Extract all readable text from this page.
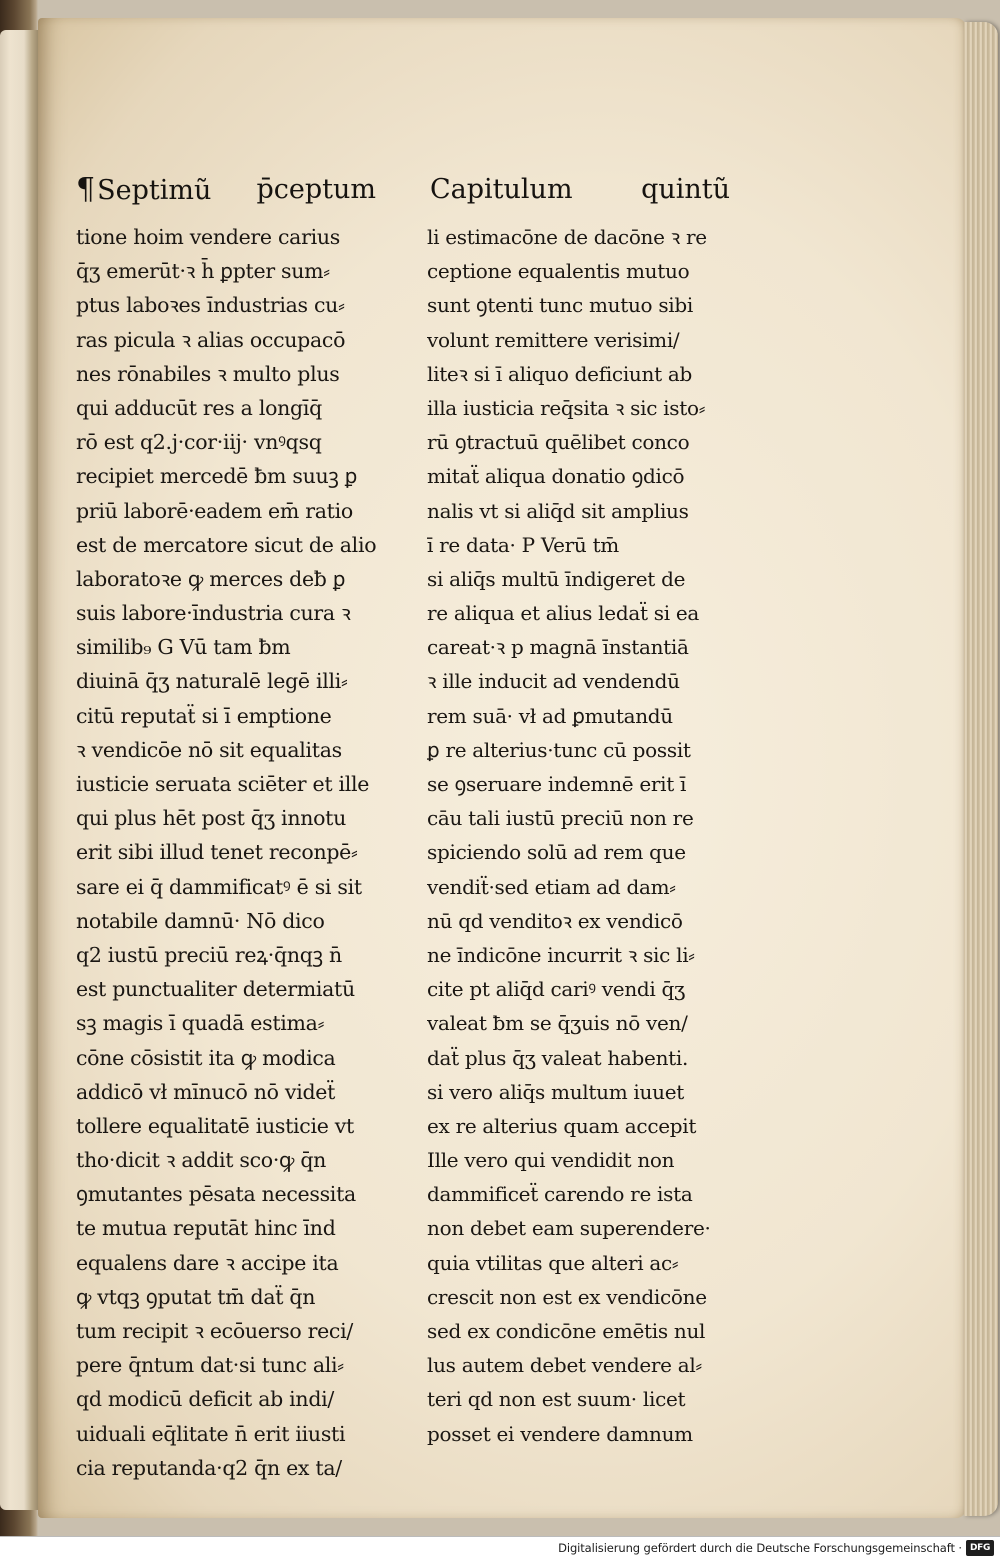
¶Septimũ p̄ceptum Capitulum	quintũ
tione hoim vendere carius
q̄ʒ emerūt·ꝛ h̄ ꝑpter sum⸗
ptus laboꝛes īndustrias cu⸗
ras picula ꝛ alias occupacō
nes rōnabiles ꝛ multo plus
qui adducūt res a longīq̄
rō est q2.j·cor·iij· vnꝰqsq
recipiet mercedē ƀm suuꝫ ꝑ
priū laborē·eadem em̄ ratio
est de mercatore sicut de alio
laboratoꝛe ꝙ merces deƀ ꝑ
suis labore·īndustria cura ꝛ
similib₉ G Vū tam ƀm
diuinā q̄ʒ naturalē legē illi⸗
citū reputaẗ si ī emptione
ꝛ vendicōe nō sit equalitas
iusticie seruata sciēter et ille
qui plus hēt post q̄ʒ innotu
erit sibi illud tenet reconpē⸗
sare ei q̄ dammificatꝰ ē si sit
notabile damnū· Nō dico
q2 iustū preciū reꝝ·q̄nqꝫ n̄
est punctualiter determiatū
sꝫ magis ī quadā estima⸗
cōne cōsistit ita ꝙ modica
addicō vł mīnucō nō videẗ
tollere equalitatē iusticie vt
tho·dicit ꝛ addit sco·ꝙ q̄n
ꝯmutantes pēsata necessita
te mutua reputāt hinc īnd
equalens dare ꝛ accipe ita
ꝙ vtqꝫ ꝯputat tm̄ daẗ q̄n
tum recipit ꝛ ecōuerso reci/
pere q̄ntum dat·si tunc ali⸗
qd modicū deficit ab indi/
uiduali eq̄litate n̄ erit iiusti
cia reputanda·q2 q̄n ex ta/
li estimacōne de dacōne ꝛ re
ceptione equalentis mutuo
sunt ꝯtenti tunc mutuo sibi
volunt remittere verisimi/
liteꝛ si ī aliquo deficiunt ab
illa iusticia req̄sita ꝛ sic isto⸗
rū ꝯtractuū quēlibet conco
mitaẗ aliqua donatio ꝯdicō
nalis vt si aliq̄d sit amplius
ī re data· P Verū tm̄
si aliq̄s multū īndigeret de
re aliqua et alius ledaẗ si ea
careat·ꝛ p magnā īnstantiā
ꝛ ille inducit ad vendendū
rem suā· vł ad ꝑmutandū
ꝑ re alterius·tunc cū possit
se ꝯseruare indemnē erit ī
cāu tali iustū preciū non re
spiciendo solū ad rem que
vendiẗ·sed etiam ad dam⸗
nū qd venditoꝛ ex vendicō
ne īndicōne incurrit ꝛ sic li⸗
cite pt aliq̄d cariꝰ vendi q̄ʒ
valeat ƀm se q̄ʒuis nō ven/
daẗ plus q̄ʒ valeat habenti.
si vero aliq̄s multum iuuet
ex re alterius quam accepit
Ille vero qui vendidit non
dammificeẗ carendo re ista
non debet eam superendere·
quia vtilitas que alteri ac⸗
crescit non est ex vendicōne
sed ex condicōne emētis nul
lus autem debet vendere al⸗
teri qd non est suum· licet
posset ei vendere damnum
Digitalisierung gefördert durch die Deutsche Forschungsgemeinschaft · DFG
